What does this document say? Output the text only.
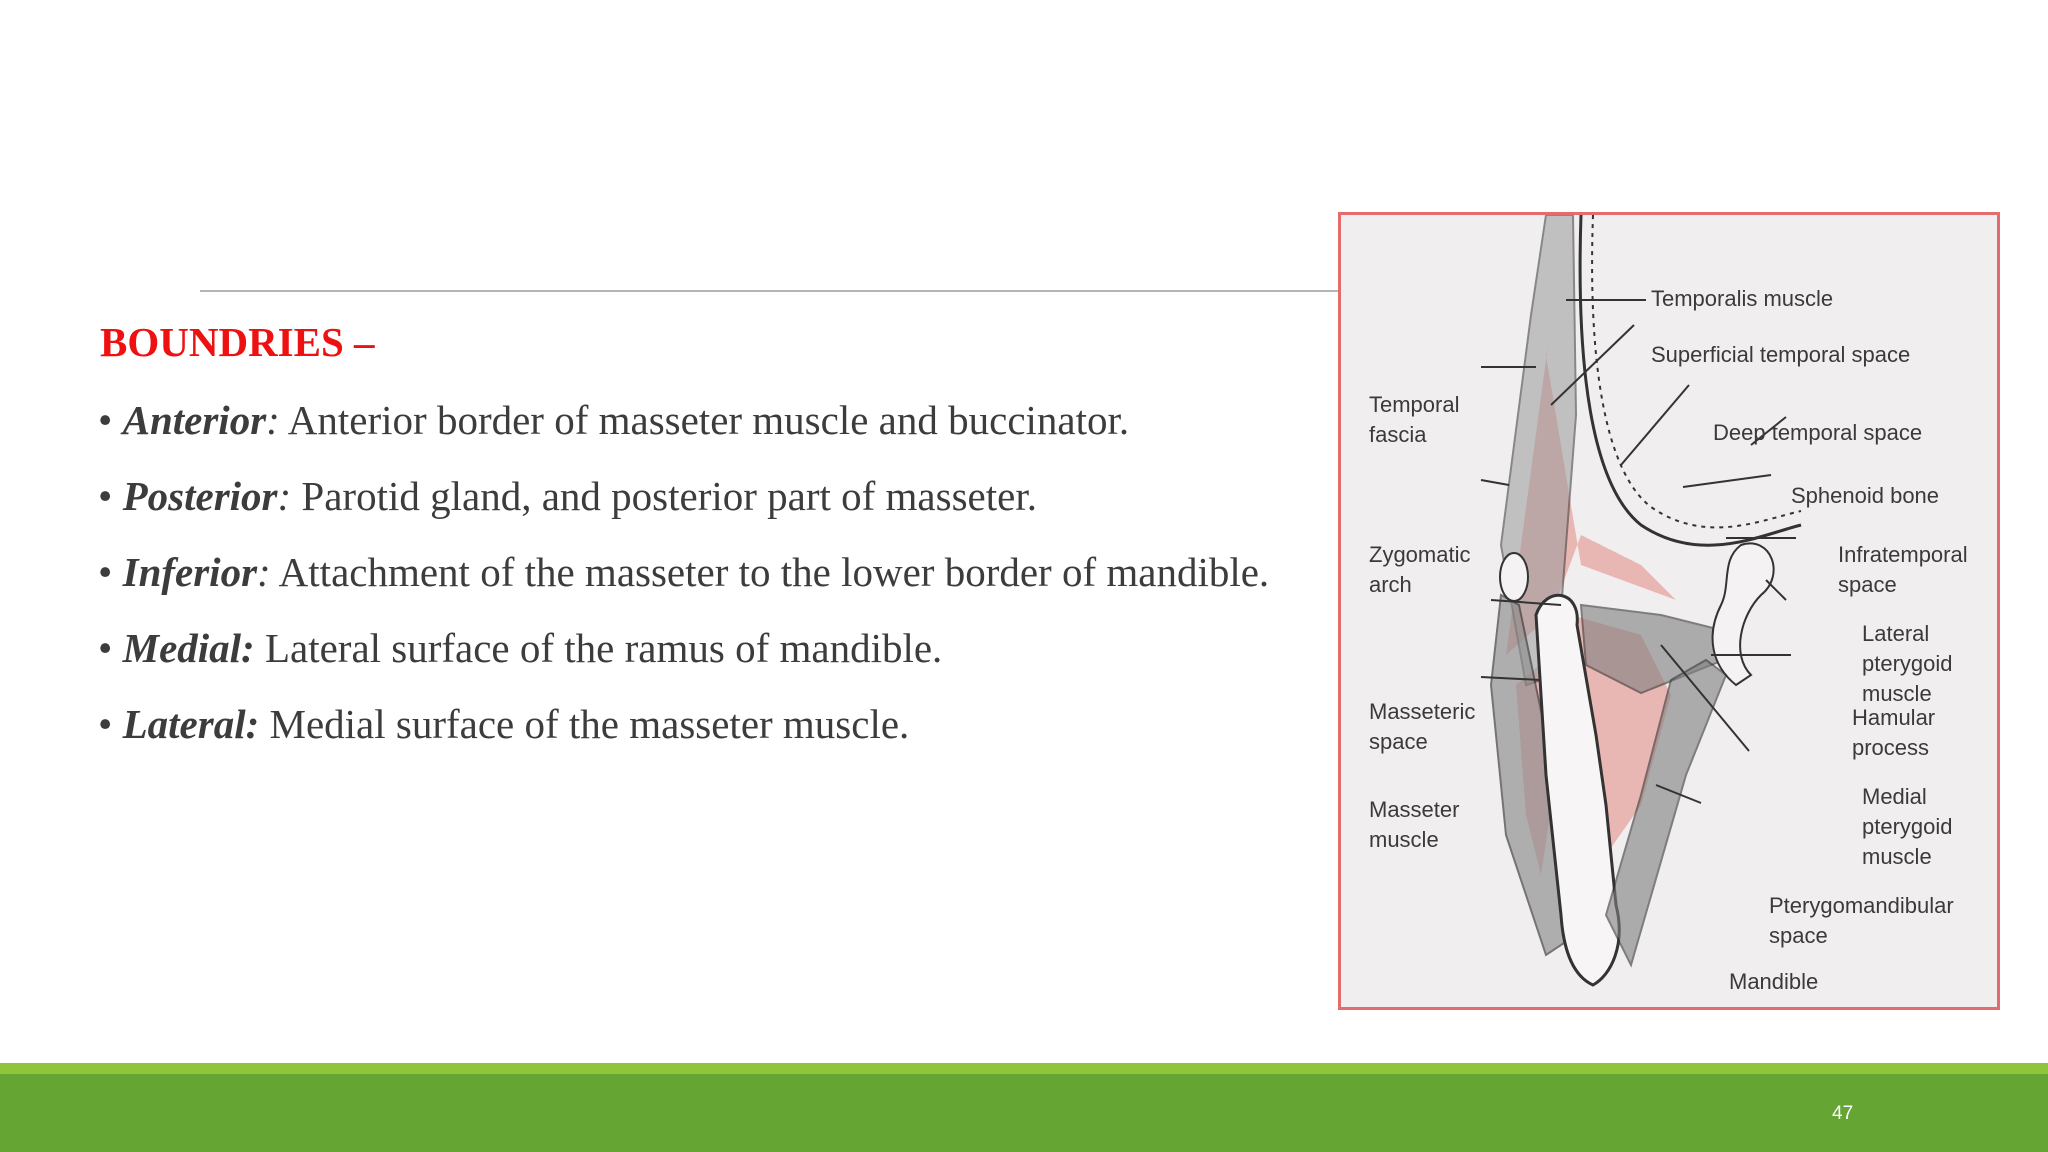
BOUNDRIES –
• Anterior: Anterior border of masseter muscle and buccinator.
• Posterior: Parotid gland, and posterior part of masseter.
• Inferior: Attachment of the masseter to the lower border of mandible.
• Medial: Lateral surface of the ramus of mandible.
• Lateral: Medial surface of the masseter muscle.
Temporalis muscle
Superficial temporal space
Temporal
fascia	Deep temporal space
Sphenoid bone
Zygomatic
arch
Infratemporal
space
Lateral
pterygoid
muscle
Masseteric
space
Hamular
process
Masseter
muscle
Medial
pterygoid
muscle
Pterygomandibular
space
Mandible
47
